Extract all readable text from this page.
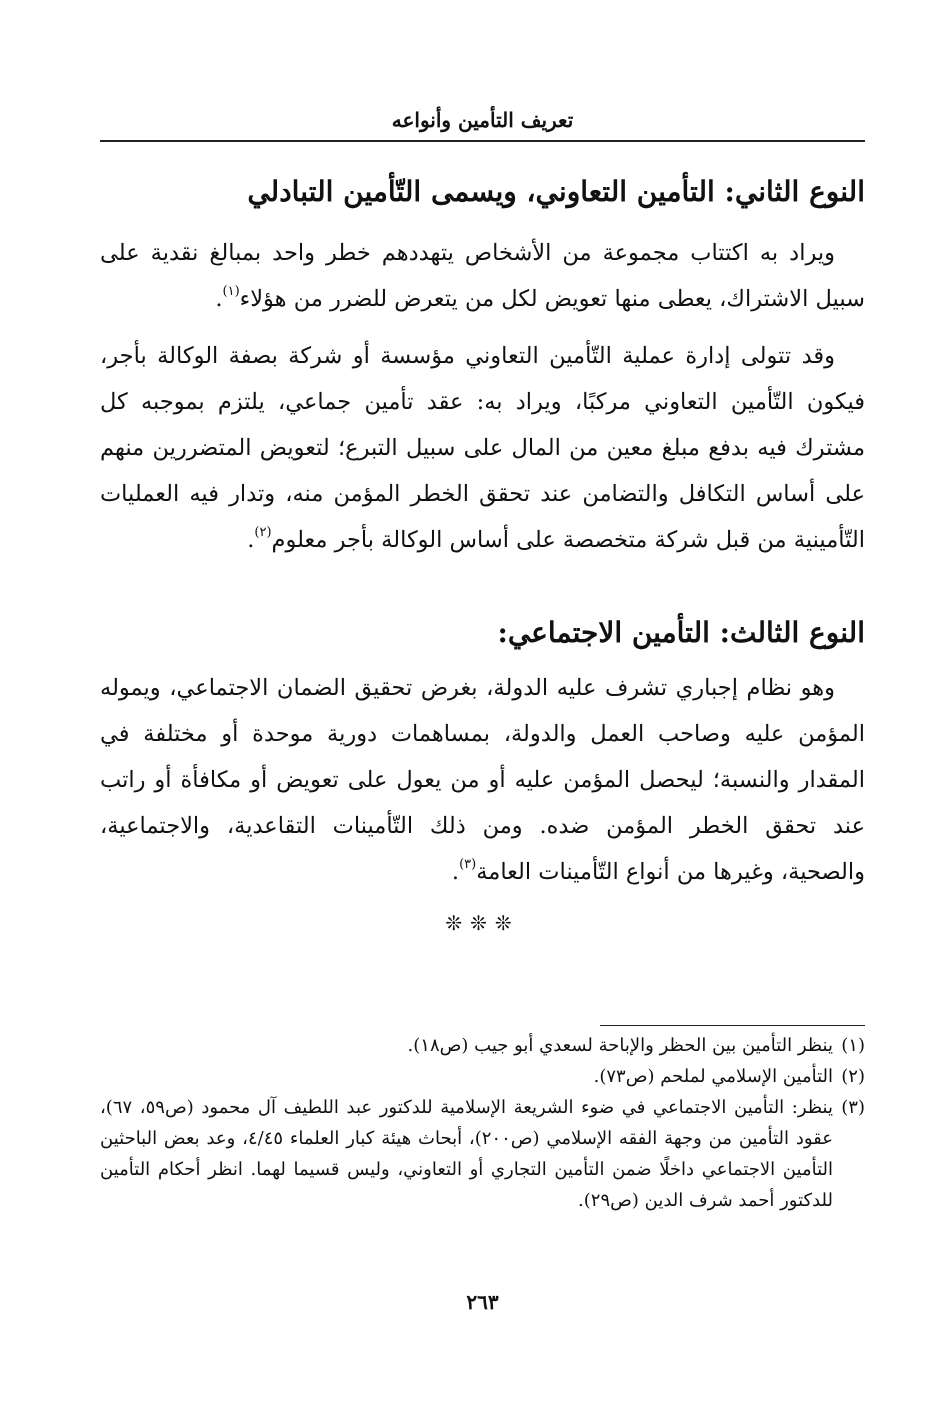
تعريف التأمين وأنواعه
النوع الثاني: التأمين التعاوني، ويسمى التّأمين التبادلي

ويراد به اكتتاب مجموعة من الأشخاص يتهددهم خطر واحد بمبالغ نقدية على سبيل الاشتراك، يعطى منها تعويض لكل من يتعرض للضرر من هؤلاء$^{(١)}$.

وقد تتولى إدارة عملية التّأمين التعاوني مؤسسة أو شركة بصفة الوكالة بأجر، فيكون التّأمين التعاوني مركبًا، ويراد به: عقد تأمين جماعي، يلتزم بموجبه كل مشترك فيه بدفع مبلغ معين من المال على سبيل التبرع؛ لتعويض المتضررين منهم على أساس التكافل والتضامن عند تحقق الخطر المؤمن منه، وتدار فيه العمليات التّأمينية من قبل شركة متخصصة على أساس الوكالة بأجر معلوم$^{(٢)}$.

النوع الثالث: التأمين الاجتماعي:

وهو نظام إجباري تشرف عليه الدولة، بغرض تحقيق الضمان الاجتماعي، ويموله المؤمن عليه وصاحب العمل والدولة، بمساهمات دورية موحدة أو مختلفة في المقدار والنسبة؛ ليحصل المؤمن عليه أو من يعول على تعويض أو مكافأة أو راتب عند تحقق الخطر المؤمن ضده. ومن ذلك التّأمينات التقاعدية، والاجتماعية، والصحية، وغيرها من أنواع التّأمينات العامة$^{(٣)}$.

❊❊❊
(١)
ينظر التأمين بين الحظر والإباحة لسعدي أبو جيب (ص١٨).
(٢)
التأمين الإسلامي لملحم (ص٧٣).
(٣)
ينظر: التأمين الاجتماعي في ضوء الشريعة الإسلامية للدكتور عبد اللطيف آل محمود (ص٥٩، ٦٧)، عقود التأمين من وجهة الفقه الإسلامي (ص٢٠٠)، أبحاث هيئة كبار العلماء ٤/٤٥، وعد بعض الباحثين التأمين الاجتماعي داخلًا ضمن التأمين التجاري أو التعاوني، وليس قسيما لهما. انظر أحكام التأمين للدكتور أحمد شرف الدين (ص٢٩).
٢٦٣
